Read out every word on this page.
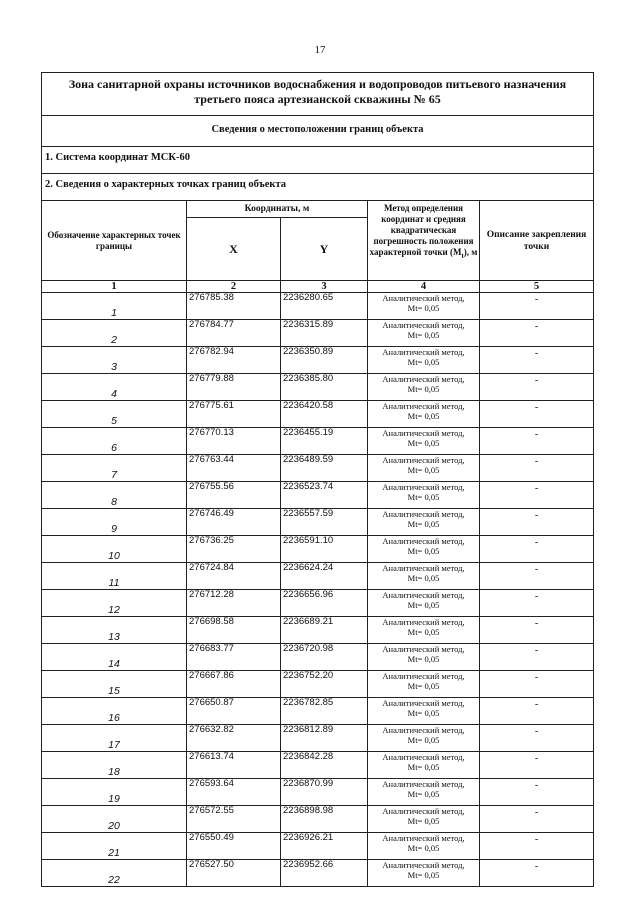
17
Зона санитарной охраны источников водоснабжения и водопроводов питьевого назначения третьего пояса артезианской скважины № 65				
Сведения о местоположении границ объекта				
1. Система координат МСК-60				
2. Сведения о характерных точках границ объекта				
Обозначение характерных точек границы	Координаты, м		Метод определения координат и средняя квадратическая погрешность положения характерной точки $(M_t)$, м	Описание закрепления точки
	X	Y		
1	2	3	4	5
1	276785.38	2236280.65	Аналитический метод,
Mt= 0,05	-
2	276784.77	2236315.89	Аналитический метод,
Mt= 0,05	-
3	276782.94	2236350.89	Аналитический метод,
Mt= 0,05	-
4	276779.88	2236385.80	Аналитический метод,
Mt= 0,05	-
5	276775.61	2236420.58	Аналитический метод,
Mt= 0,05	-
6	276770.13	2236455.19	Аналитический метод,
Mt= 0,05	-
7	276763.44	2236489.59	Аналитический метод,
Mt= 0,05	-
8	276755.56	2236523.74	Аналитический метод,
Mt= 0,05	-
9	276746.49	2236557.59	Аналитический метод,
Mt= 0,05	-
10	276736.25	2236591.10	Аналитический метод,
Mt= 0,05	-
11	276724.84	2236624.24	Аналитический метод,
Mt= 0,05	-
12	276712.28	2236656.96	Аналитический метод,
Mt= 0,05	-
13	276698.58	2236689.21	Аналитический метод,
Mt= 0,05	-
14	276683.77	2236720.98	Аналитический метод,
Mt= 0,05	-
15	276667.86	2236752.20	Аналитический метод,
Mt= 0,05	-
16	276650.87	2236782.85	Аналитический метод,
Mt= 0,05	-
17	276632.82	2236812.89	Аналитический метод,
Mt= 0,05	-
18	276613.74	2236842.28	Аналитический метод,
Mt= 0,05	-
19	276593.64	2236870.99	Аналитический метод,
Mt= 0,05	-
20	276572.55	2236898.98	Аналитический метод,
Mt= 0,05	-
21	276550.49	2236926.21	Аналитический метод,
Mt= 0,05	-
22	276527.50	2236952.66	Аналитический метод,
Mt= 0,05	-
